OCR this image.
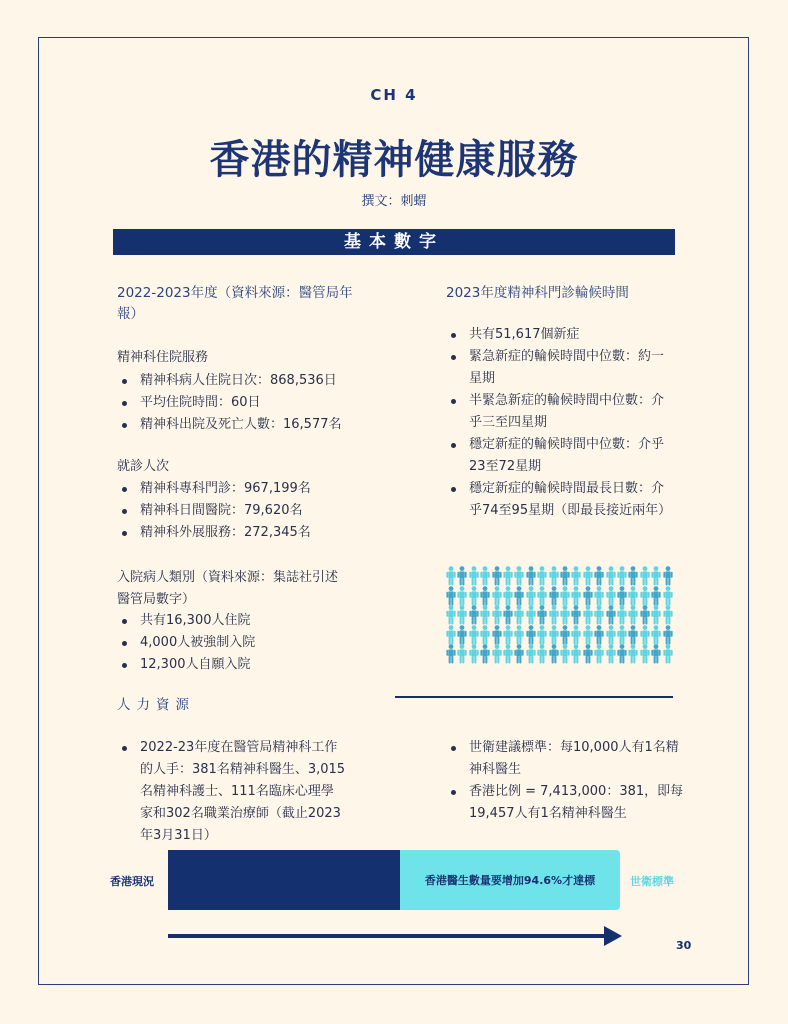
CH 4
香港的精神健康服務
撰文：刺蝟
基本數字
2022-2023年度（資料來源：醫管局年
報）
精神科住院服務
精神科病人住院日次：868,536日
平均住院時間：60日
精神科出院及死亡人數：16,577名
就診人次
精神科專科門診：967,199名
精神科日間醫院：79,620名
精神科外展服務：272,345名
入院病人類別（資料來源：集誌社引述
醫管局數字）
共有16,300人住院
4,000人被強制入院
12,300人自願入院
2023年度精神科門診輪候時間
共有51,617個新症
緊急新症的輪候時間中位數：約一
星期
半緊急新症的輪候時間中位數：介
乎三至四星期
穩定新症的輪候時間中位數：介乎
23至72星期
穩定新症的輪候時間最長日數：介
乎74至95星期（即最長接近兩年）
人力資源
2022-23年度在醫管局精神科工作
的人手：381名精神科醫生、3,015
名精神科護士、111名臨床心理學
家和302名職業治療師（截止2023
年3月31日）
世衛建議標準：每10,000人有1名精
神科醫生
香港比例 = 7,413,000：381，即每
19,457人有1名精神科醫生
香港現況	香港醫生數量要增加94.6%才達標	世衛標準
30
